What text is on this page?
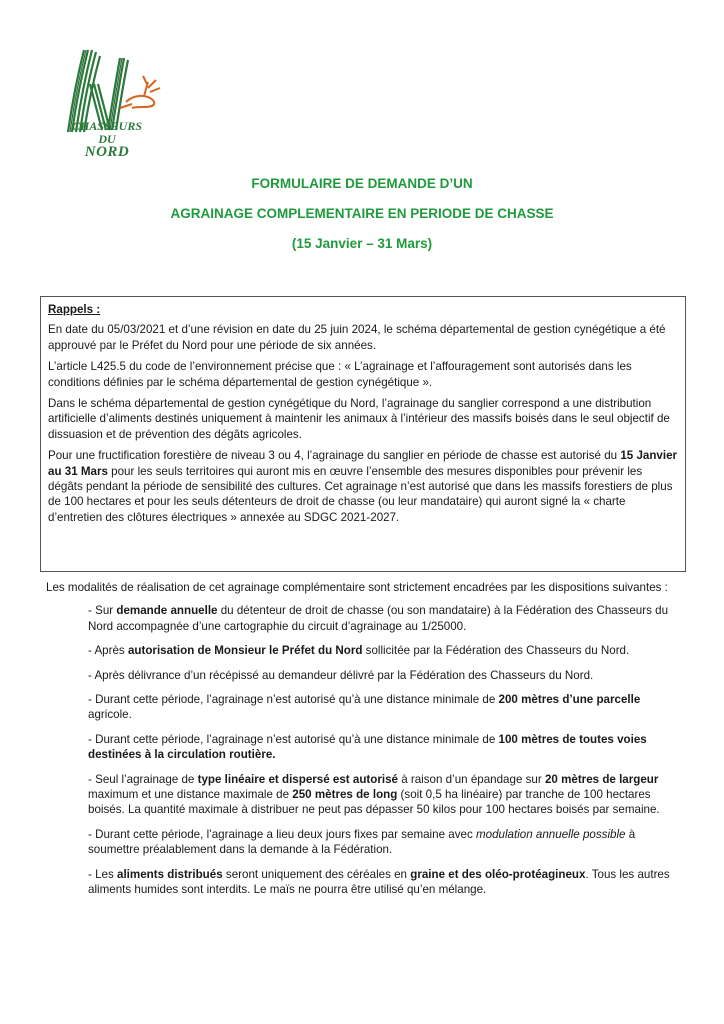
CHASSEURS DU
NORD
FORMULAIRE DE DEMANDE D’UN
AGRAINAGE COMPLEMENTAIRE EN PERIODE DE CHASSE
(15 Janvier – 31 Mars)

Rappels :

En date du 05/03/2021 et d’une révision en date du 25 juin 2024, le schéma départemental de gestion cynégétique a été approuvé par le Préfet du Nord pour une période de six années.

L’article L425.5 du code de l’environnement précise que : « L’agrainage et l’affouragement sont autorisés dans les conditions définies par le schéma départemental de gestion cynégétique ».

Dans le schéma départemental de gestion cynégétique du Nord, l’agrainage du sanglier correspond a une distribution artificielle d’aliments destinés uniquement à maintenir les animaux à l’intérieur des massifs boisés dans le seul objectif de dissuasion et de prévention des dégâts agricoles.

Pour une fructification forestière de niveau 3 ou 4, l’agrainage du sanglier en période de chasse est autorisé du 15 Janvier au 31 Mars pour les seuls territoires qui auront mis en œuvre l’ensemble des mesures disponibles pour prévenir les dégâts pendant la période de sensibilité des cultures. Cet agrainage n’est autorisé que dans les massifs forestiers de plus de 100 hectares et pour les seuls détenteurs de droit de chasse (ou leur mandataire) qui auront signé la « charte d’entretien des clôtures électriques » annexée au SDGC 2021-2027.

Les modalités de réalisation de cet agrainage complémentaire sont strictement encadrées par les dispositions suivantes :

- Sur demande annuelle du détenteur de droit de chasse (ou son mandataire) à la Fédération des Chasseurs du Nord accompagnée d’une cartographie du circuit d’agrainage au 1/25000.

- Après autorisation de Monsieur le Préfet du Nord sollicitée par la Fédération des Chasseurs du Nord.

- Après délivrance d’un récépissé au demandeur délivré par la Fédération des Chasseurs du Nord.

- Durant cette période, l’agrainage n’est autorisé qu’à une distance minimale de 200 mètres d’une parcelle agricole.

- Durant cette période, l’agrainage n’est autorisé qu’à une distance minimale de 100 mètres de toutes voies destinées à la circulation routière.

- Seul l’agrainage de type linéaire et dispersé est autorisé à raison d’un épandage sur 20 mètres de largeur maximum et une distance maximale de 250 mètres de long (soit 0,5 ha linéaire) par tranche de 100 hectares boisés. La quantité maximale à distribuer ne peut pas dépasser 50 kilos pour 100 hectares boisés par semaine.

- Durant cette période, l’agrainage a lieu deux jours fixes par semaine avec modulation annuelle possible à soumettre préalablement dans la demande à la Fédération.

- Les aliments distribués seront uniquement des céréales en graine et des oléo-protéagineux. Tous les autres aliments humides sont interdits. Le maïs ne pourra être utilisé qu’en mélange.
